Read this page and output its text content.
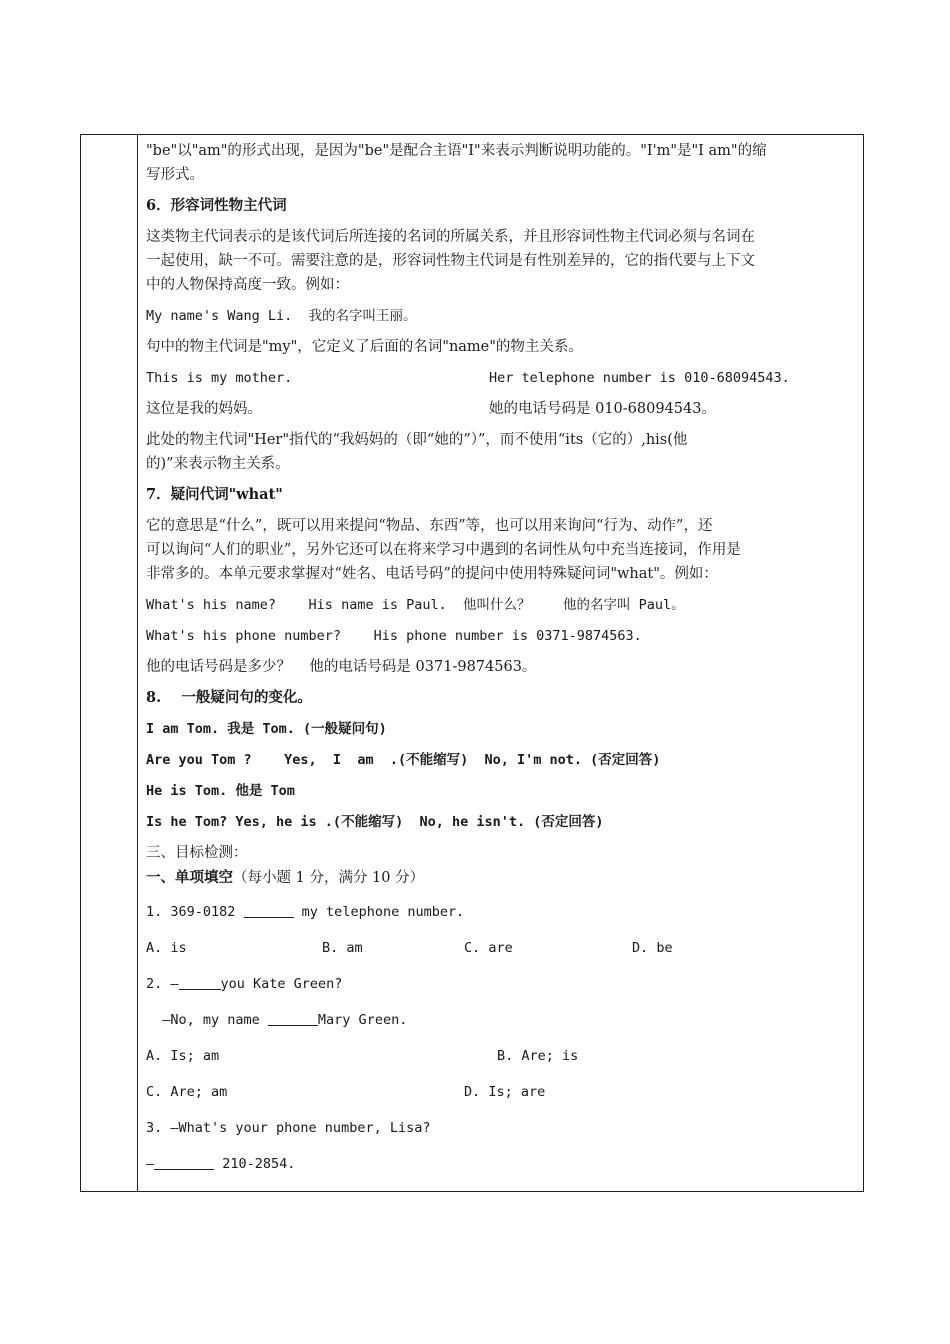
"be"以"am"的形式出现，是因为"be"是配合主语"I"来表示判断说明功能的。"I'm"是"I am"的缩
写形式。
6．形容词性物主代词
这类物主代词表示的是该代词后所连接的名词的所属关系，并且形容词性物主代词必须与名词在
一起使用，缺一不可。需要注意的是，形容词性物主代词是有性别差异的，它的指代要与上下文
中的人物保持高度一致。例如：
My name's Wang Li.  我的名字叫王丽。
句中的物主代词是"my"，它定义了后面的名词"name"的物主关系。
This is my mother.	Her telephone number is 010-68094543.
这位是我的妈妈。	她的电话号码是 010-68094543。
此处的物主代词"Her"指代的“我妈妈的（即“她的”）”，而不使用“its（它的）,his(他
的)”来表示物主关系。
7．疑问代词"what"
它的意思是“什么”，既可以用来提问“物品、东西”等，也可以用来询问“行为、动作”，还
可以询问“人们的职业”，另外它还可以在将来学习中遇到的名词性从句中充当连接词，作用是
非常多的。本单元要求掌握对“姓名、电话号码”的提问中使用特殊疑问词"what"。例如：
What's his name?    His name is Paul.  他叫什么？    他的名字叫 Paul。
What's his phone number?    His phone number is 0371-9874563.
他的电话号码是多少？    他的电话号码是 0371-9874563。
8.    一般疑问句的变化。
I am Tom. 我是 Tom. (一般疑问句)
Are you Tom ?    Yes,  I  am  .(不能缩写)  No, I'm not. (否定回答)
He is Tom. 他是 Tom
Is he Tom? Yes, he is .(不能缩写)  No, he isn't. (否定回答)
三、目标检测：
一、单项填空（每小题 1 分，满分 10 分）
1. 369-0182	my telephone number.
A. is	B. am	C. are	D. be
2. —	you Kate Green?
—No, my name	Mary Green.
A. Is; am	B. Are; is
C. Are; am	D. Is; are
3. —What's your phone number, Lisa?
—	210-2854.
